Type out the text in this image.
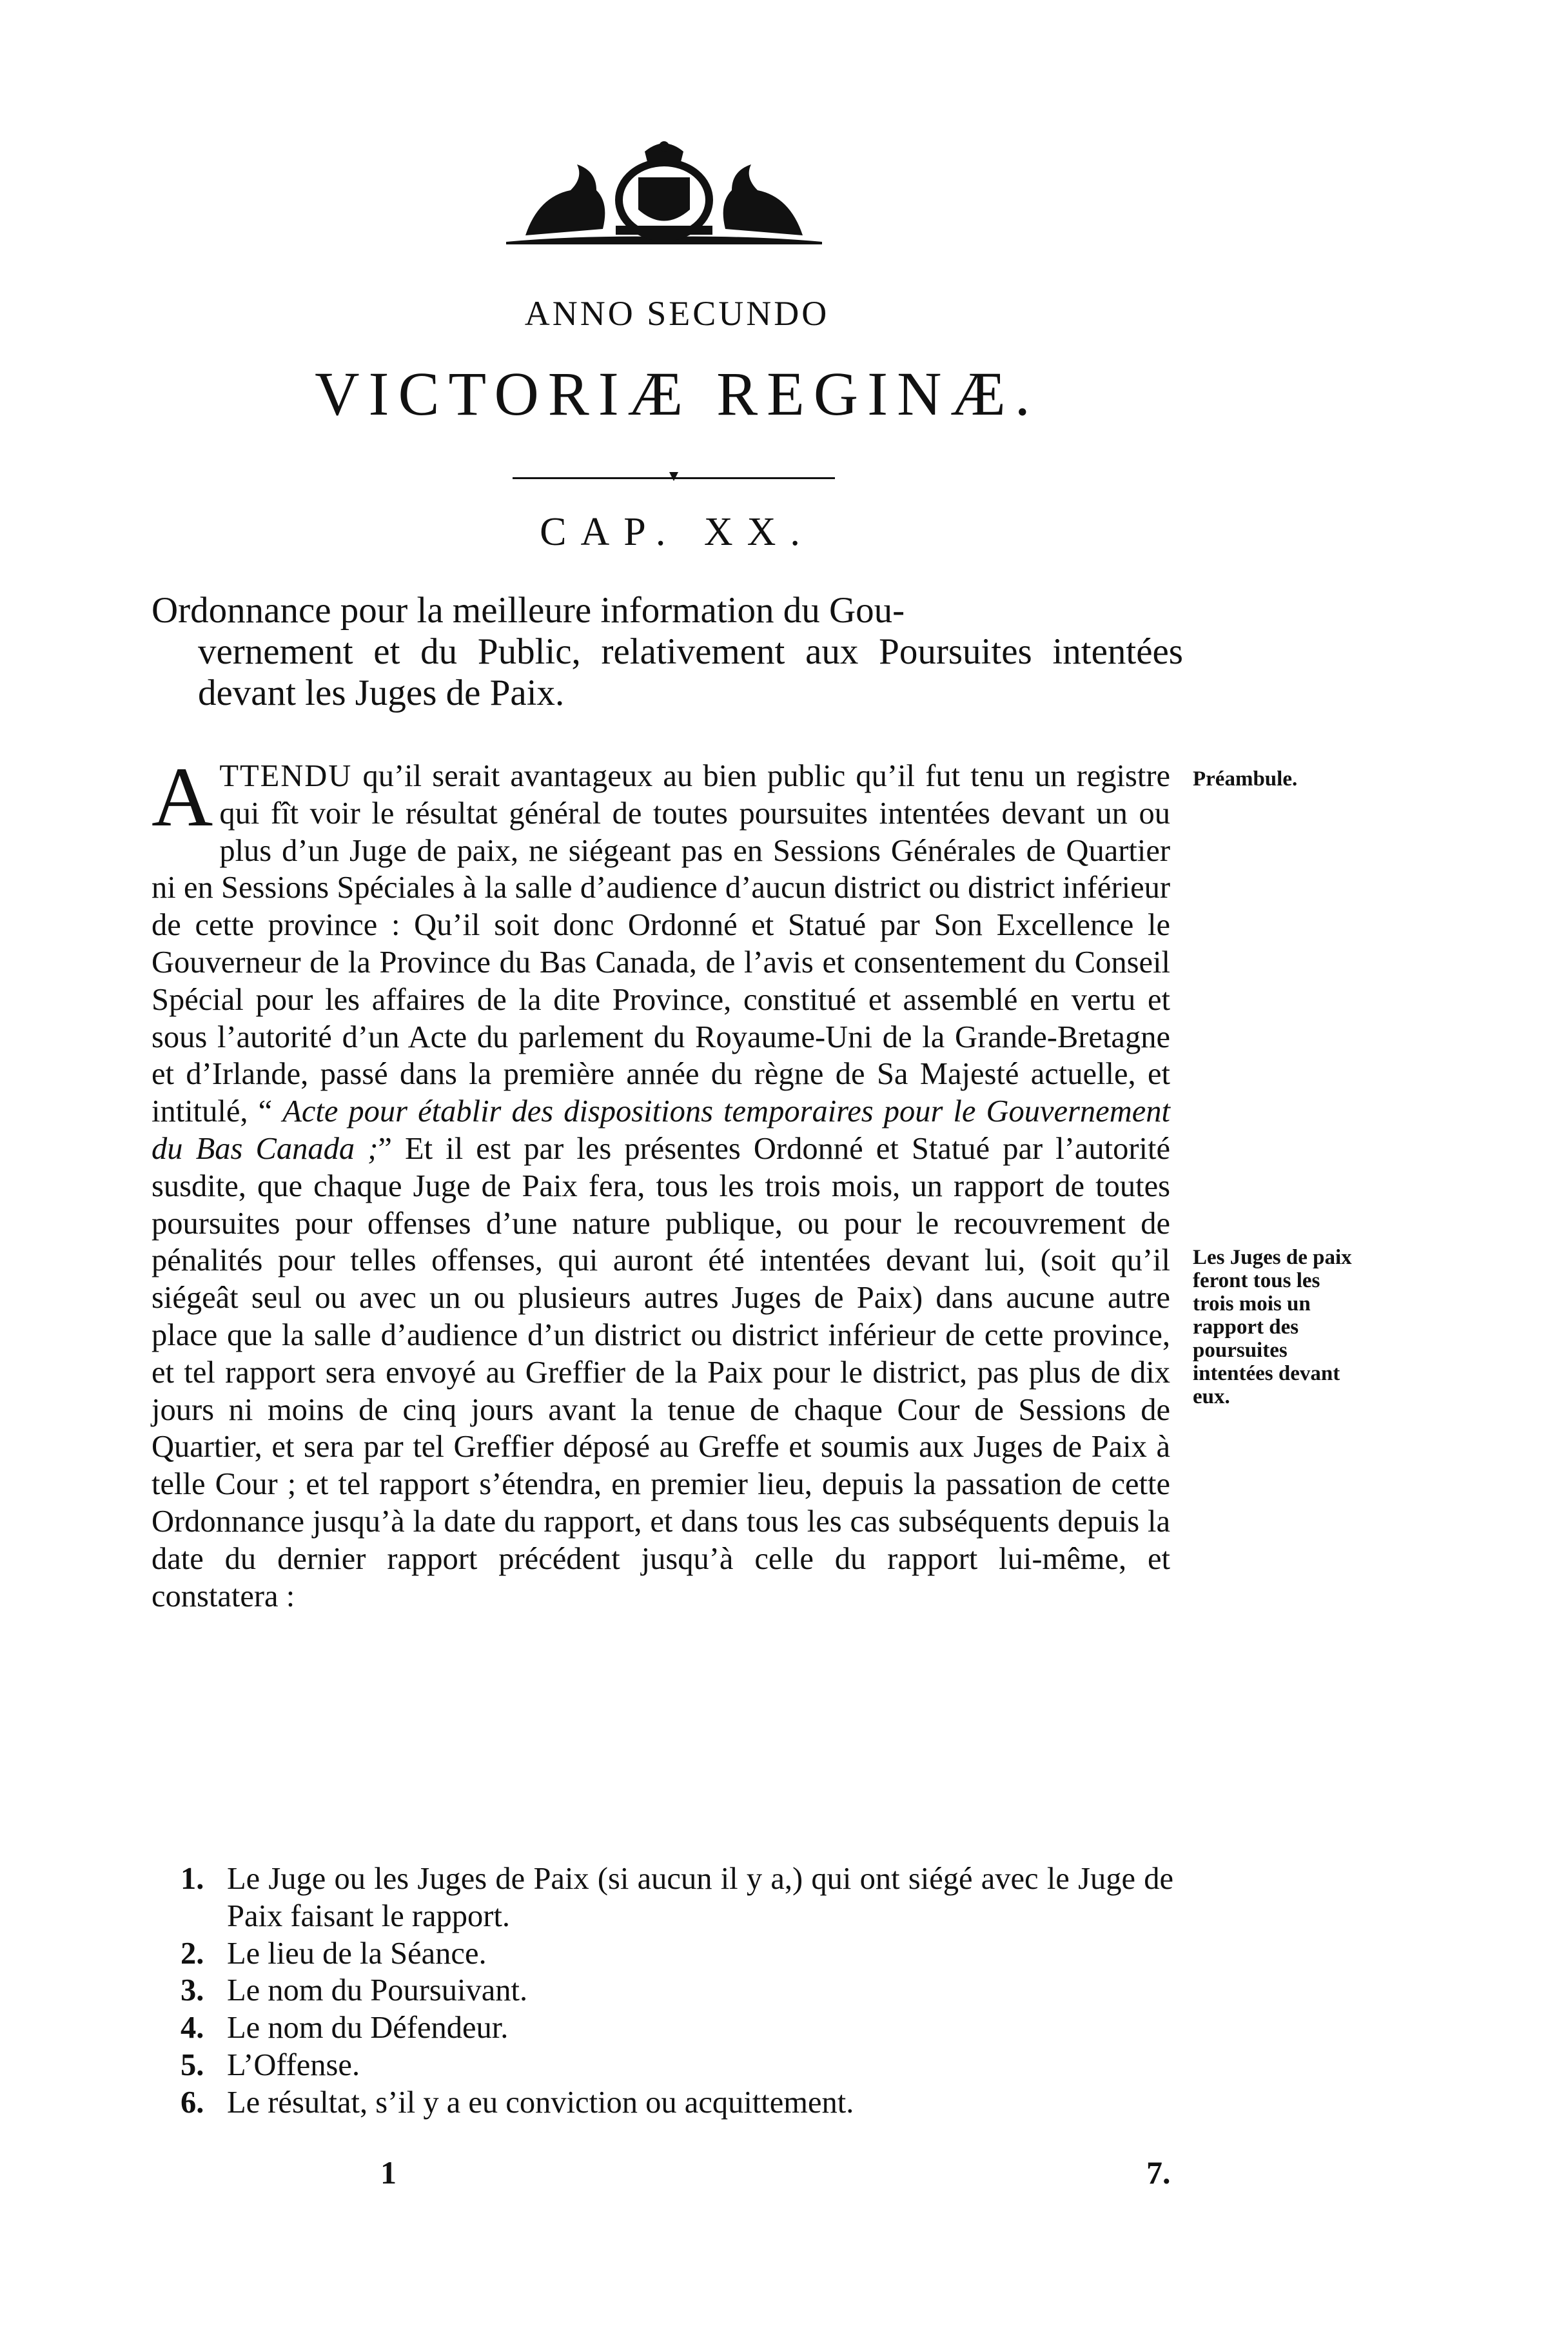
ANNO SECUNDO
VICTORIÆ REGINÆ.
CAP. XX.
Ordonnance pour la meilleure information du Gou-
vernement et du Public, relativement aux Poursuites intentées devant les Juges de Paix.
ATTENDU qu’il serait avantageux au bien public qu’il fut tenu un registre qui fît voir le résultat général de toutes poursuites intentées devant un ou plus d’un Juge de paix, ne siégeant pas en Sessions Générales de Quartier ni en Sessions Spéciales à la salle d’audience d’aucun district ou district inférieur de cette province : Qu’il soit donc Ordonné et Statué par Son Excellence le Gouverneur de la Province du Bas Canada, de l’avis et consentement du Conseil Spécial pour les affaires de la dite Province, constitué et assemblé en vertu et sous l’autorité d’un Acte du parlement du Royaume-Uni de la Grande-Bretagne et d’Irlande, passé dans la première année du règne de Sa Majesté actuelle, et intitulé, “ Acte pour établir des dispositions temporaires pour le Gouvernement du Bas Canada ;” Et il est par les présentes Ordonné et Statué par l’autorité susdite, que chaque Juge de Paix fera, tous les trois mois, un rapport de toutes poursuites pour offenses d’une nature publique, ou pour le recouvrement de pénalités pour telles offenses, qui auront été intentées devant lui, (soit qu’il siégeât seul ou avec un ou plusieurs autres Juges de Paix) dans aucune autre place que la salle d’audience d’un district ou district inférieur de cette province, et tel rapport sera envoyé au Greffier de la Paix pour le district, pas plus de dix jours ni moins de cinq jours avant la tenue de chaque Cour de Sessions de Quartier, et sera par tel Greffier déposé au Greffe et soumis aux Juges de Paix à telle Cour ; et tel rapport s’étendra, en premier lieu, depuis la passation de cette Ordonnance jusqu’à la date du rapport, et dans tous les cas subséquents depuis la date du dernier rapport précédent jusqu’à celle du rapport lui-même, et constatera :
1. Le Juge ou les Juges de Paix (si aucun il y a,) qui ont siégé avec le Juge de Paix faisant le rapport.
2. Le lieu de la Séance.
3. Le nom du Poursuivant.
4. Le nom du Défendeur.
5. L’Offense.
6. Le résultat, s’il y a eu conviction ou acquittement.
Préambule.
Les Juges de paix feront tous les trois mois un rapport des poursuites intentées devant eux.
1	7.
